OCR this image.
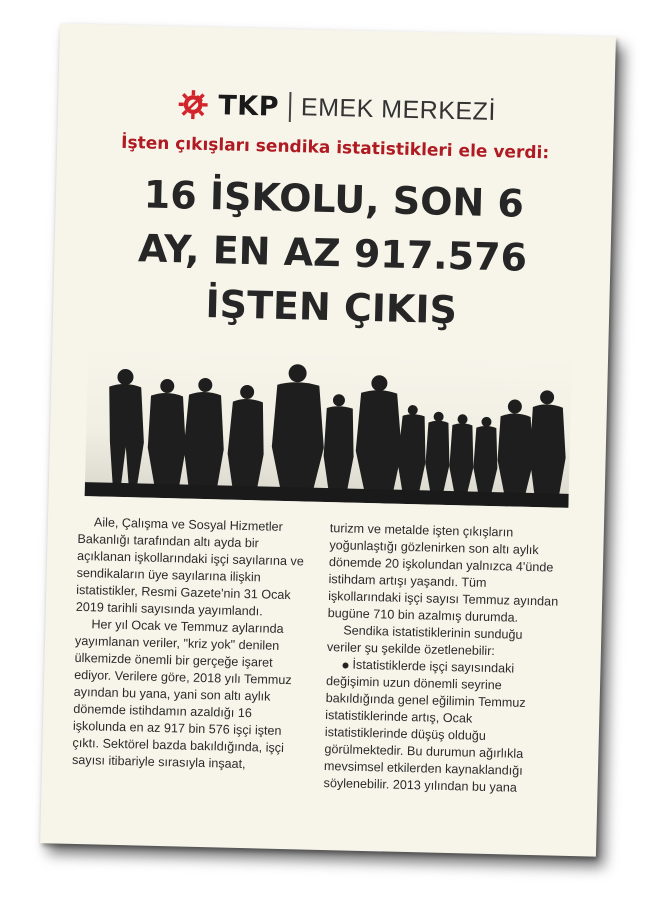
TKP EMEK MERKEZİ
İşten çıkışları sendika istatistikleri ele verdi:
16 İŞKOLU, SON 6
AY, EN AZ 917.576
İŞTEN ÇIKIŞ

Aile, Çalışma ve Sosyal Hizmetler Bakanlığı tarafından altı ayda bir açıklanan işkollarındaki işçi sayılarına ve sendikaların üye sayılarına ilişkin istatistikler, Resmi Gazete'nin 31 Ocak 2019 tarihli sayısında yayımlandı.

Her yıl Ocak ve Temmuz aylarında yayımlanan veriler, "kriz yok" denilen ülkemizde önemli bir gerçeğe işaret ediyor. Verilere göre, 2018 yılı Temmuz ayından bu yana, yani son altı aylık dönemde istihdamın azaldığı 16 işkolunda en az 917 bin 576 işçi işten çıktı. Sektörel bazda bakıldığında, işçi sayısı itibariyle sırasıyla inşaat,

turizm ve metalde işten çıkışların yoğunlaştığı gözlenirken son altı aylık dönemde 20 işkolundan yalnızca 4'ünde istihdam artışı yaşandı. Tüm işkollarındaki işçi sayısı Temmuz ayından bugüne 710 bin azalmış durumda.

Sendika istatistiklerinin sunduğu veriler şu şekilde özetlenebilir:

İstatistiklerde işçi sayısındaki değişimin uzun dönemli seyrine bakıldığında genel eğilimin Temmuz istatistiklerinde artış, Ocak istatistiklerinde düşüş olduğu görülmektedir. Bu durumun ağırlıkla mevsimsel etkilerden kaynaklandığı söylenebilir. 2013 yılından bu yana
